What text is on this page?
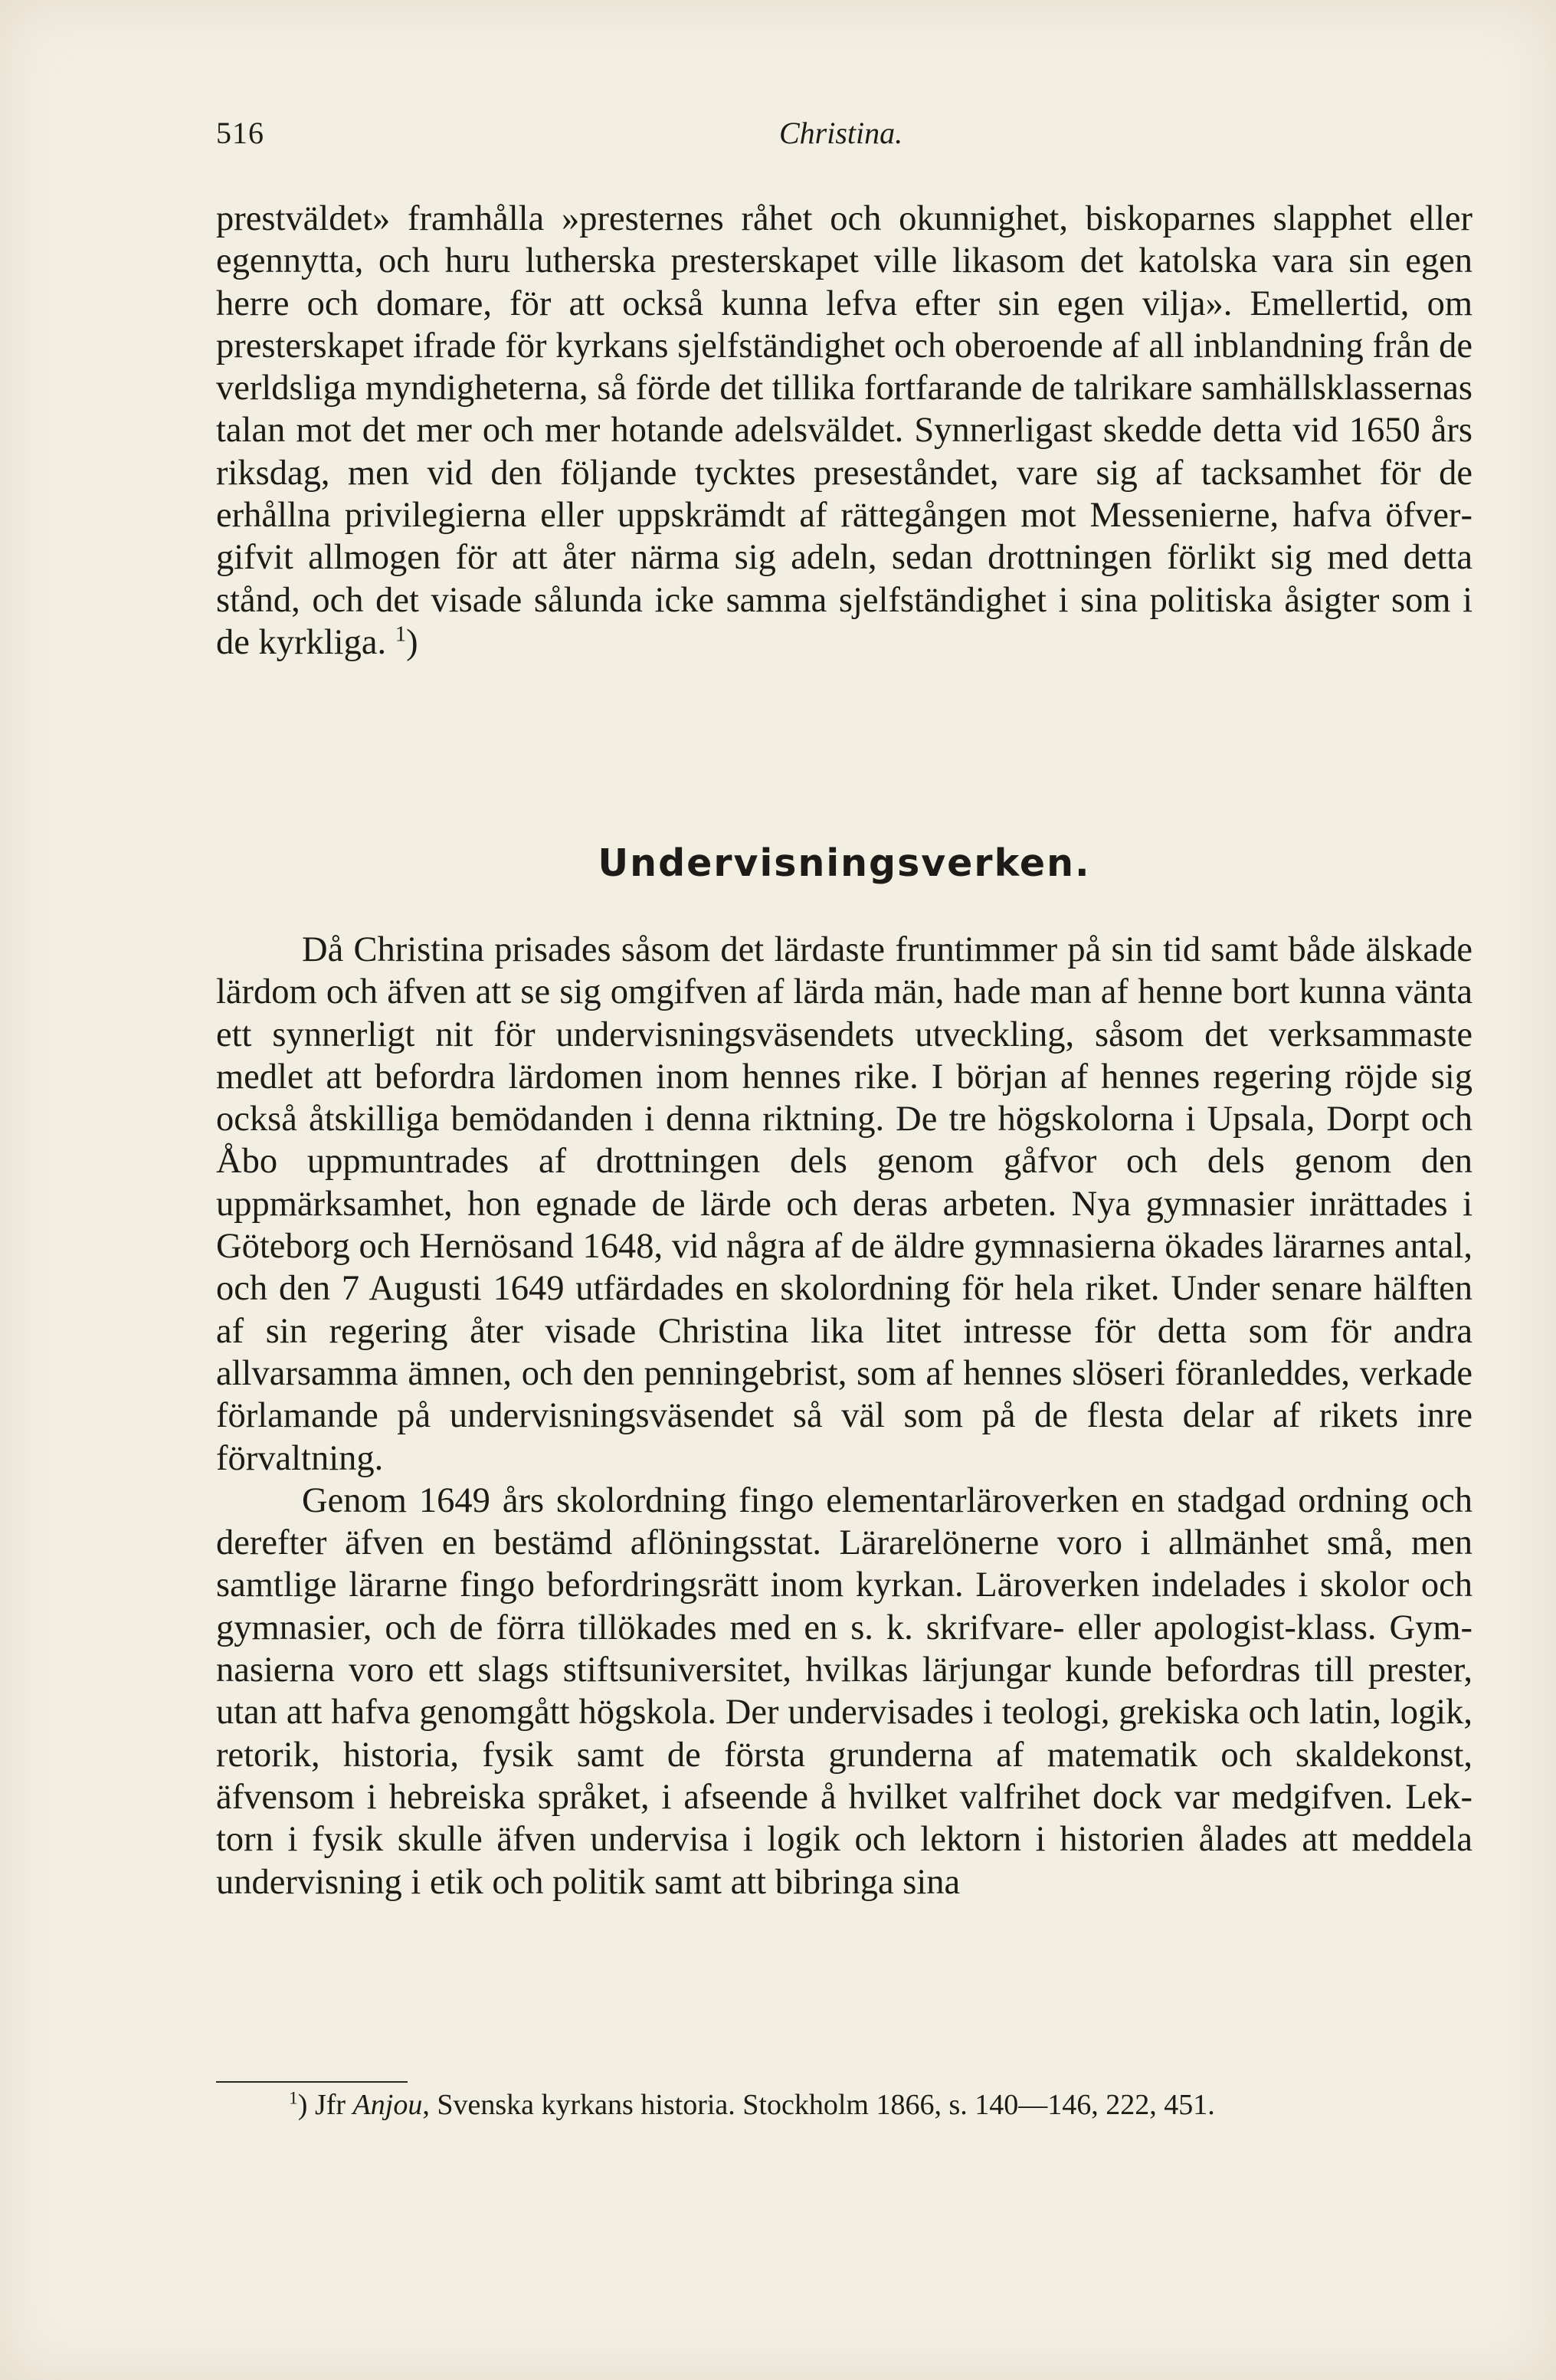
516	Christina.

prestväldet» framhålla »presternes råhet och okunnighet, biskoparnes slapphet eller egennytta, och huru lutherska presterskapet ville likasom det katolska vara sin egen herre och domare, för att också kunna lefva efter sin egen vilja». Emellertid, om presterskapet ifrade för kyrkans sjelfständighet och oberoende af all inblandning från de verldsliga myndigheterna, så förde det tillika fortfarande de talrikare samhällsklassernas talan mot det mer och mer hotande adelsväldet. Synnerligast skedde detta vid 1650 års riksdag, men vid den följande tycktes preseståndet, vare sig af tacksamhet för de erhållna privilegierna eller uppskrämdt af rättegången mot Messenierne, hafva öfvergifvit allmogen för att åter närma sig adeln, sedan drottningen förlikt sig med detta stånd, och det visade sålunda icke samma sjelfständighet i sina politiska åsigter som i de kyrkliga. $^1$)

Undervisningsverken.

Då Christina prisades såsom det lärdaste fruntimmer på sin tid samt både älskade lärdom och äfven att se sig omgifven af lärda män, hade man af henne bort kunna vänta ett synnerligt nit för undervisningsväsendets utveckling, såsom det verksammaste medlet att befordra lärdomen inom hennes rike. I början af hennes regering röjde sig också åtskilliga bemödanden i denna riktning. De tre högskolorna i Upsala, Dorpt och Åbo uppmuntrades af drottningen dels genom gåfvor och dels genom den uppmärksamhet, hon egnade de lärde och deras arbeten. Nya gymnasier inrättades i Göteborg och Hernösand 1648, vid några af de äldre gymnasierna ökades lärarnes antal, och den 7 Augusti 1649 utfärdades en skolordning för hela riket. Under senare hälften af sin regering åter visade Christina lika litet intresse för detta som för andra allvarsamma ämnen, och den penningebrist, som af hennes slöseri föranleddes, verkade förlamande på undervisningsväsendet så väl som på de flesta delar af rikets inre förvaltning.

Genom 1649 års skolordning fingo elementarläroverken en stadgad ordning och derefter äfven en bestämd aflöningsstat. Lärarelönerne voro i allmänhet små, men samtlige lärarne fingo befordringsrätt inom kyrkan. Läroverken indelades i skolor och gymnasier, och de förra tillökades med en s. k. skrifvare- eller apologist-klass. Gymnasierna voro ett slags stiftsuniversitet, hvilkas lärjungar kunde befordras till prester, utan att hafva genomgått högskola. Der undervisades i teologi, grekiska och latin, logik, retorik, historia, fysik samt de första grunderna af matematik och skaldekonst, äfvensom i hebreiska språket, i afseende å hvilket valfrihet dock var medgifven. Lektorn i fysik skulle äfven undervisa i logik och lektorn i historien ålades att meddela undervisning i etik och politik samt att bibringa sina

$^1$) Jfr Anjou, Svenska kyrkans historia. Stockholm 1866, s. 140—146, 222, 451.
